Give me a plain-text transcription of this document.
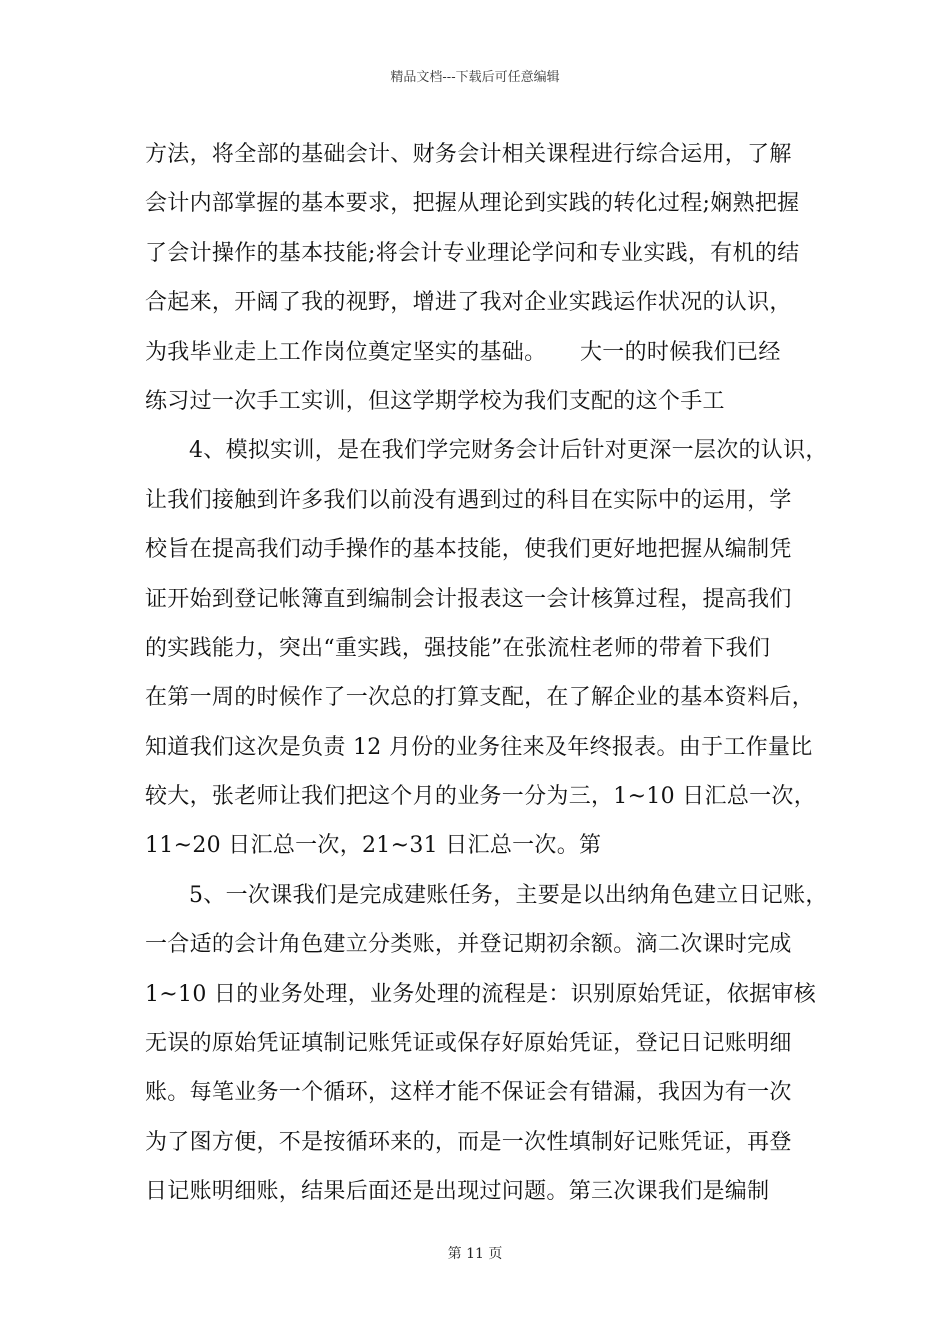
精品文档---下载后可任意编辑
方法，将全部的基础会计、财务会计相关课程进行综合运用，了解
会计内部掌握的基本要求，把握从理论到实践的转化过程;娴熟把握
了会计操作的基本技能;将会计专业理论学问和专业实践，有机的结
合起来，开阔了我的视野，增进了我对企业实践运作状况的认识，
为我毕业走上工作岗位奠定坚实的基础。　　大一的时候我们已经
练习过一次手工实训，但这学期学校为我们支配的这个手工
4、模拟实训，是在我们学完财务会计后针对更深一层次的认识，
让我们接触到许多我们以前没有遇到过的科目在实际中的运用，学
校旨在提高我们动手操作的基本技能，使我们更好地把握从编制凭
证开始到登记帐簿直到编制会计报表这一会计核算过程，提高我们
的实践能力，突出“重实践，强技能”在张流柱老师的带着下我们
在第一周的时候作了一次总的打算支配，在了解企业的基本资料后，
知道我们这次是负责 12 月份的业务往来及年终报表。由于工作量比
较大，张老师让我们把这个月的业务一分为三，1~10 日汇总一次，
11~20 日汇总一次，21~31 日汇总一次。第
5、一次课我们是完成建账任务，主要是以出纳角色建立日记账，
一合适的会计角色建立分类账，并登记期初余额。滴二次课时完成
1~10 日的业务处理，业务处理的流程是：识别原始凭证，依据审核
无误的原始凭证填制记账凭证或保存好原始凭证，登记日记账明细
账。每笔业务一个循环，这样才能不保证会有错漏，我因为有一次
为了图方便，不是按循环来的，而是一次性填制好记账凭证，再登
日记账明细账，结果后面还是出现过问题。第三次课我们是编制
第 11 页
